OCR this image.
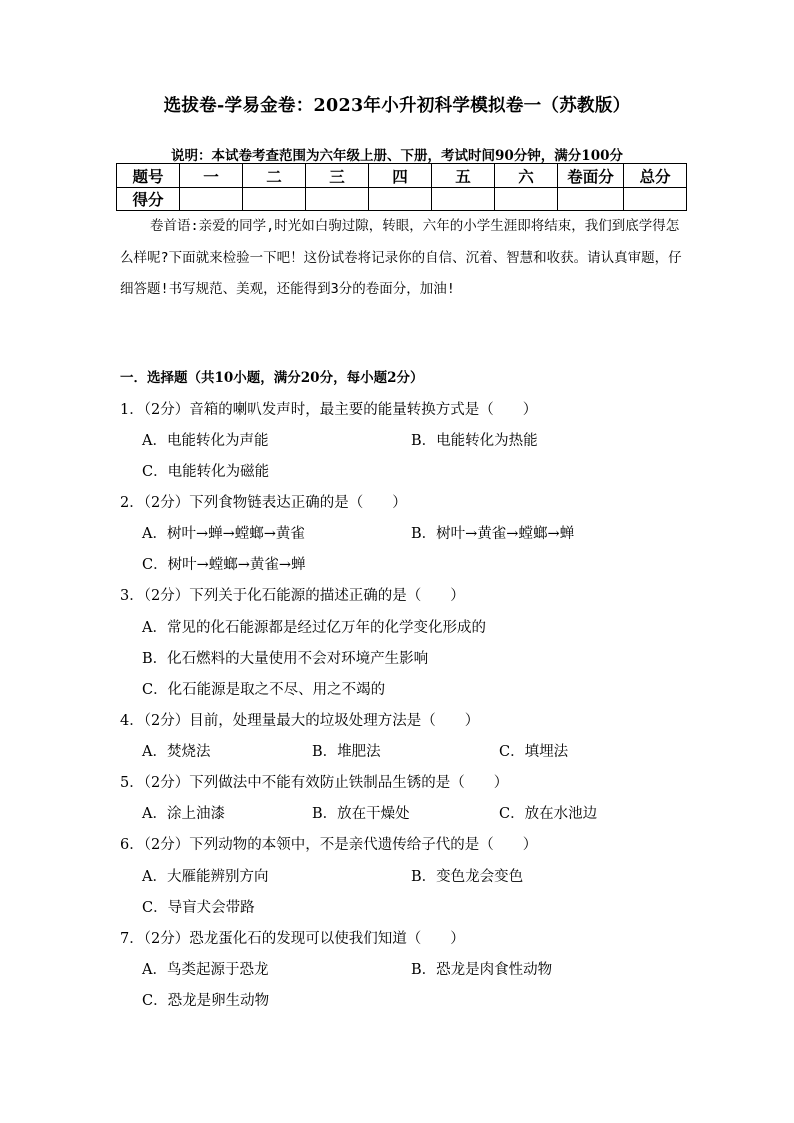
选拔卷-学易金卷：2023年小升初科学模拟卷一（苏教版）
说明：本试卷考查范围为六年级上册、下册，考试时间90分钟，满分100分
题号	一	二	三	四	五	六	卷面分	总分
得分								
卷首语:亲爱的同学,时光如白驹过隙，转眼，六年的小学生涯即将结束，我们到底学得怎么样呢?下面就来检验一下吧！这份试卷将记录你的自信、沉着、智慧和收获。请认真审题，仔细答题!书写规范、美观，还能得到3分的卷面分，加油!
一．选择题（共10小题，满分20分，每小题2分）
1．（2分）音箱的喇叭发声时，最主要的能量转换方式是（　　）
A．电能转化为声能	B．电能转化为热能
C．电能转化为磁能
2．（2分）下列食物链表达正确的是（　　）
A．树叶→蝉→螳螂→黄雀	B．树叶→黄雀→螳螂→蝉
C．树叶→螳螂→黄雀→蝉
3．（2分）下列关于化石能源的描述正确的是（　　）
A．常见的化石能源都是经过亿万年的化学变化形成的
B．化石燃料的大量使用不会对环境产生影响
C．化石能源是取之不尽、用之不竭的
4．（2分）目前，处理量最大的垃圾处理方法是（　　）
A．焚烧法	B．堆肥法	C．填埋法
5．（2分）下列做法中不能有效防止铁制品生锈的是（　　）
A．涂上油漆	B．放在干燥处	C．放在水池边
6．（2分）下列动物的本领中，不是亲代遗传给子代的是（　　）
A．大雁能辨别方向	B．变色龙会变色
C．导盲犬会带路
7．（2分）恐龙蛋化石的发现可以使我们知道（　　）
A．鸟类起源于恐龙	B．恐龙是肉食性动物
C．恐龙是卵生动物
